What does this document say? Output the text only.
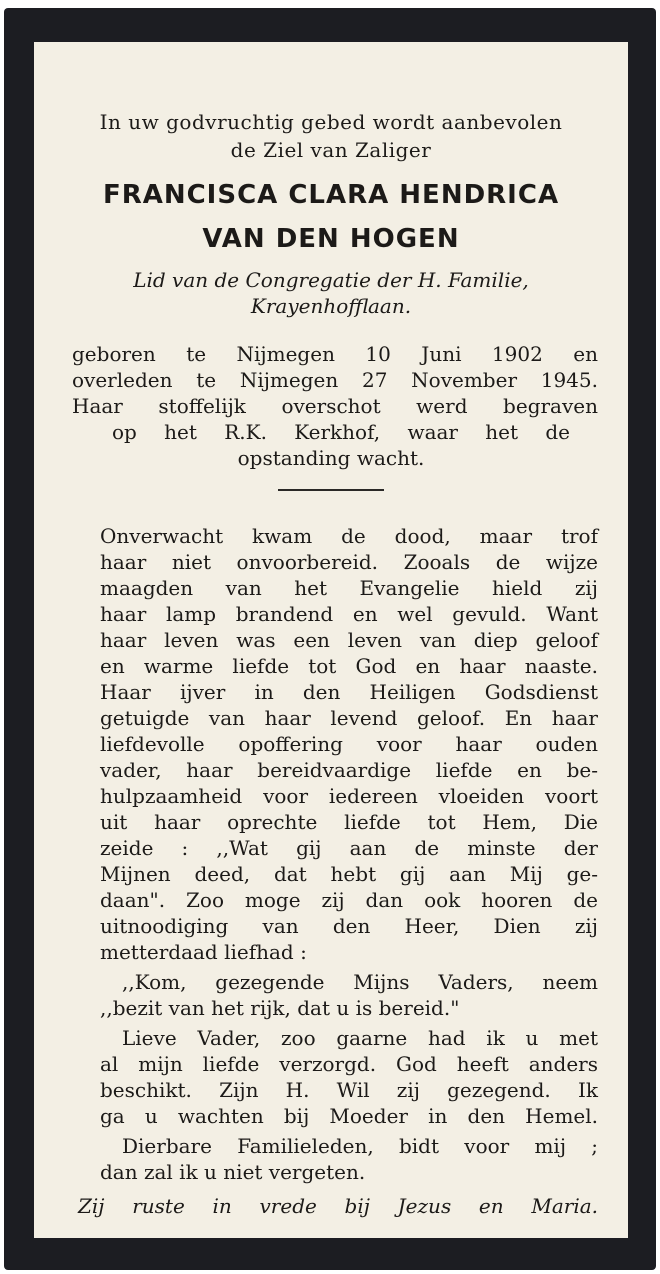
In uw godvruchtig gebed wordt aanbevolen
de Ziel van Zaliger
FRANCISCA CLARA HENDRICA
VAN DEN HOGEN
Lid van de Congregatie der H. Familie,
Krayenhofflaan.
geboren te Nijmegen 10 Juni 1902 en
overleden te Nijmegen 27 November 1945.
Haar stoffelijk overschot werd begraven
op het R.K. Kerkhof, waar het de
opstanding wacht.
Onverwacht kwam de dood, maar trof
haar niet onvoorbereid. Zooals de wijze
maagden van het Evangelie hield zij
haar lamp brandend en wel gevuld. Want
haar leven was een leven van diep geloof
en warme liefde tot God en haar naaste.
Haar ijver in den Heiligen Godsdienst
getuigde van haar levend geloof. En haar
liefdevolle opoffering voor haar ouden
vader, haar bereidvaardige liefde en be-
hulpzaamheid voor iedereen vloeiden voort
uit haar oprechte liefde tot Hem, Die
zeide : ,,Wat gij aan de minste der
Mijnen deed, dat hebt gij aan Mij ge-
daan". Zoo moge zij dan ook hooren de
uitnoodiging van den Heer, Dien zij
metterdaad liefhad :
,,Kom, gezegende Mijns Vaders, neem
,,bezit van het rijk, dat u is bereid."
Lieve Vader, zoo gaarne had ik u met
al mijn liefde verzorgd. God heeft anders
beschikt. Zijn H. Wil zij gezegend. Ik
ga u wachten bij Moeder in den Hemel.
Dierbare Familieleden, bidt voor mij ;
dan zal ik u niet vergeten.
Zij ruste in vrede bij Jezus en Maria.
